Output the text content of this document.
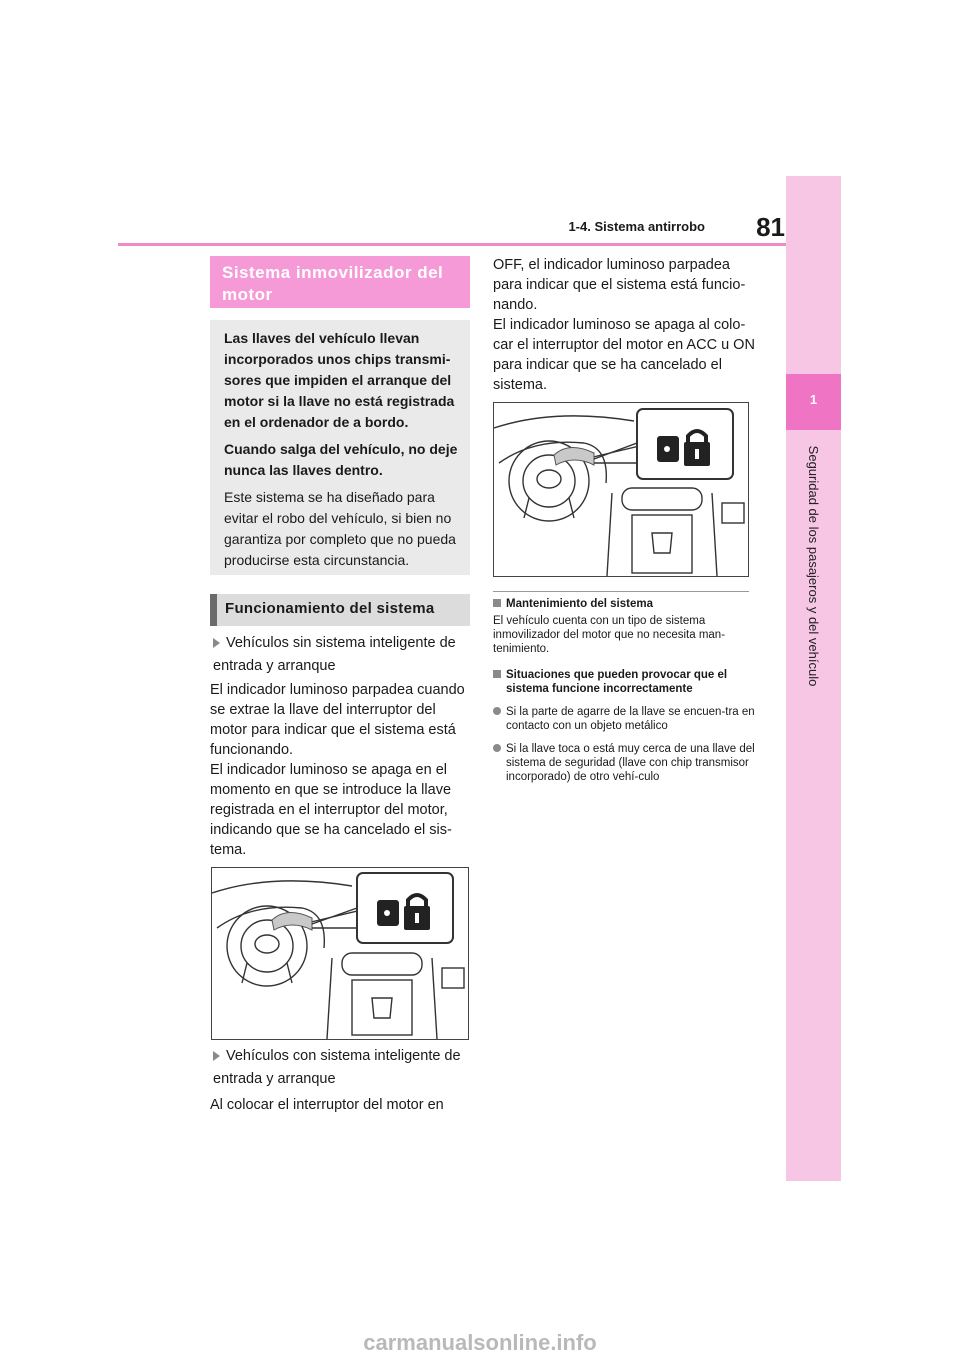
1-4. Sistema antirrobo	81
1
Seguridad de los pasajeros y del vehículo
Sistema inmovilizador del motor

Las llaves del vehículo llevan incorporados unos chips transmi-sores que impiden el arranque del motor si la llave no está registrada en el ordenador de a bordo.

Cuando salga del vehículo, no deje nunca las llaves dentro.

Este sistema se ha diseñado para evitar el robo del vehículo, si bien no garantiza por completo que no pueda producirse esta circunstancia.

Funcionamiento del sistema
Vehículos sin sistema inteligente de entrada y arranque

El indicador luminoso parpadea cuando se extrae la llave del interruptor del motor para indicar que el sistema está funcionando.

El indicador luminoso se apaga en el momento en que se introduce la llave registrada en el interruptor del motor, indicando que se ha cancelado el sis-tema.

Vehículos con sistema inteligente de entrada y arranque

Al colocar el interruptor del motor en

OFF, el indicador luminoso parpadea para indicar que el sistema está funcio-nando.

El indicador luminoso se apaga al colo-car el interruptor del motor en ACC u ON para indicar que se ha cancelado el sistema.

Mantenimiento del sistema
El vehículo cuenta con un tipo de sistema inmovilizador del motor que no necesita man-tenimiento.
Situaciones que pueden provocar que el sistema funcione incorrectamente
Si la parte de agarre de la llave se encuen-tra en contacto con un objeto metálico
Si la llave toca o está muy cerca de una llave del sistema de seguridad (llave con chip transmisor incorporado) de otro vehí-culo
carmanualsonline.info
